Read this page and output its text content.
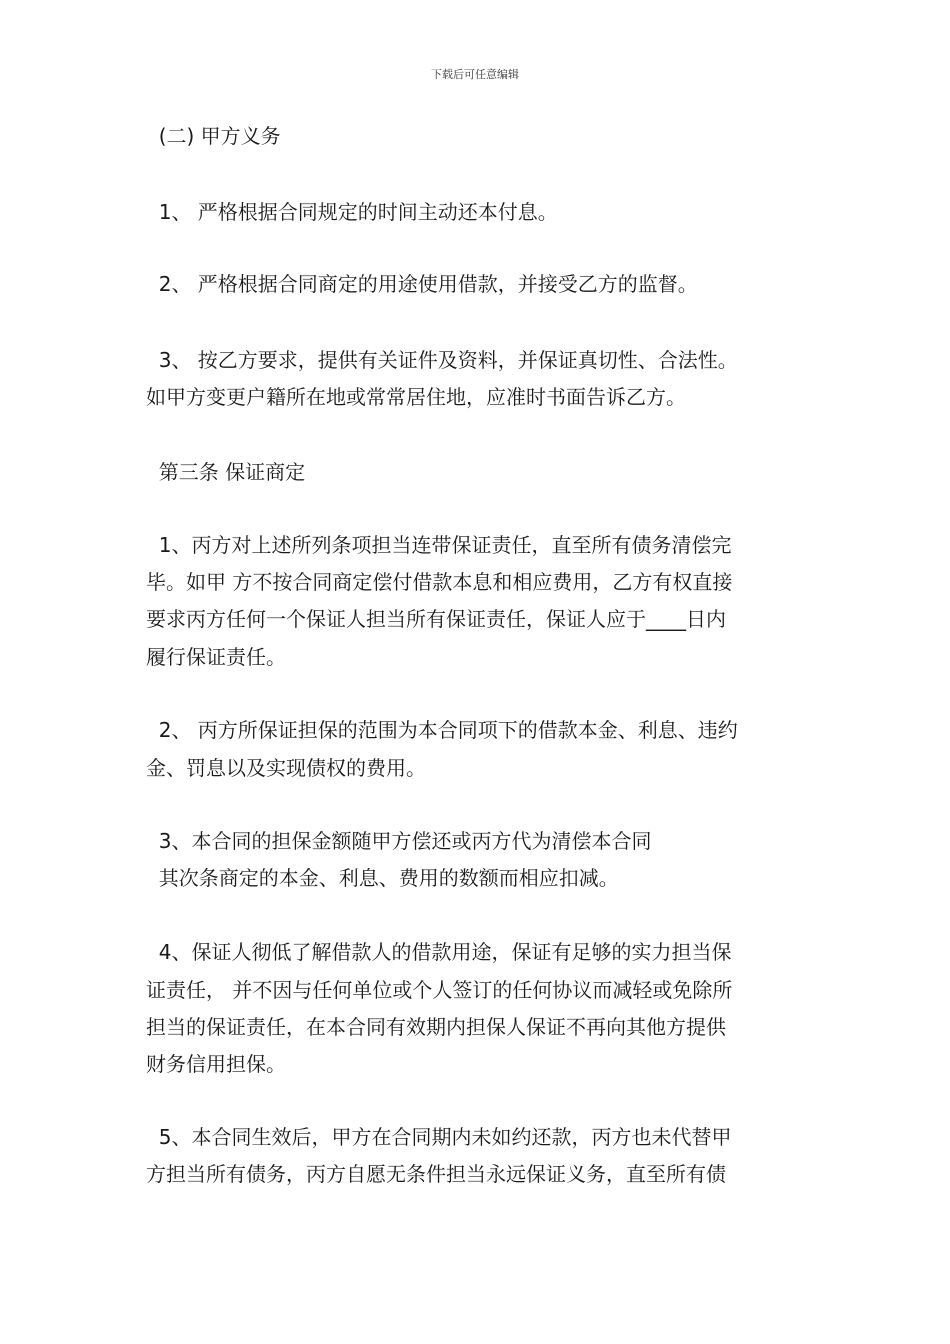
下载后可任意编辑
(二) 甲方义务
1、 严格根据合同规定的时间主动还本付息。
2、 严格根据合同商定的用途使用借款，并接受乙方的监督。
3、 按乙方要求，提供有关证件及资料，并保证真切性、合法性。
如甲方变更户籍所在地或常常居住地，应准时书面告诉乙方。
第三条 保证商定
1、丙方对上述所列条项担当连带保证责任，直至所有债务清偿完
毕。如甲 方不按合同商定偿付借款本息和相应费用，乙方有权直接
要求丙方任何一个保证人担当所有保证责任，保证人应于____日内
履行保证责任。
2、 丙方所保证担保的范围为本合同项下的借款本金、利息、违约
金、罚息以及实现债权的费用。
3、本合同的担保金额随甲方偿还或丙方代为清偿本合同
其次条商定的本金、利息、费用的数额而相应扣减。
4、保证人彻低了解借款人的借款用途，保证有足够的实力担当保
证责任， 并不因与任何单位或个人签订的任何协议而减轻或免除所
担当的保证责任，在本合同有效期内担保人保证不再向其他方提供
财务信用担保。
5、本合同生效后，甲方在合同期内未如约还款，丙方也未代替甲
方担当所有债务，丙方自愿无条件担当永远保证义务，直至所有债
